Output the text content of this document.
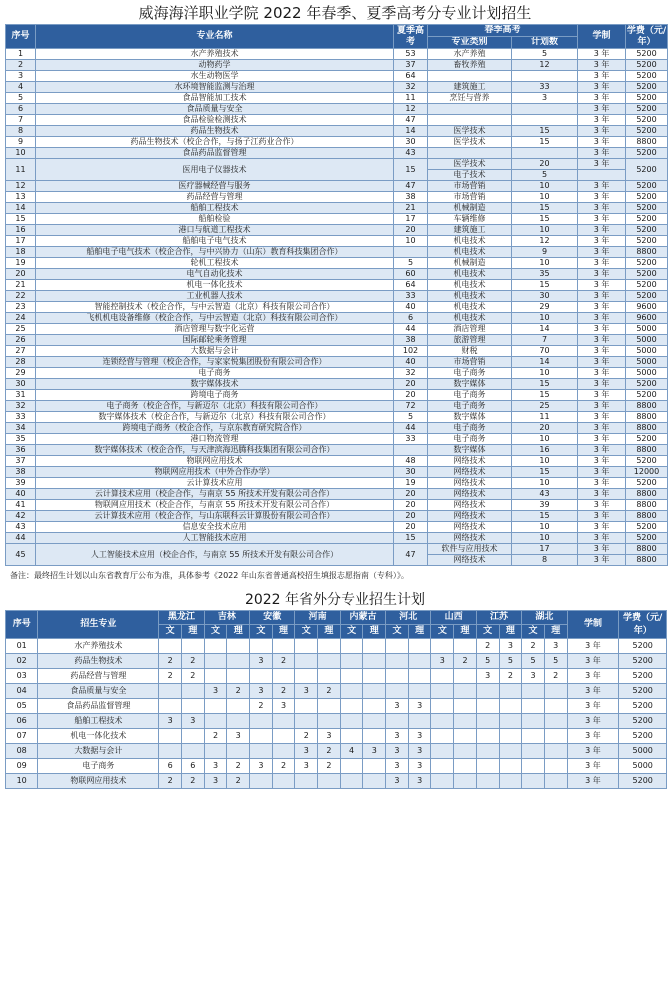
威海海洋职业学院 2022 年春季、夏季高考分专业计划招生
序号	专业名称	夏季高考	春季高考		学制	学费（元/年）
			专业类别	计划数		
1	水产养殖技术	53	水产养殖	5	3 年	5200
2	动物药学	37	畜牧养殖	12	3 年	5200
3	水生动物医学	64			3 年	5200
4	水环境智能监测与治理	32	建筑施工	33	3 年	5200
5	食品智能加工技术	11	烹饪与营养	3	3 年	5200
6	食品质量与安全	12			3 年	5200
7	食品检验检测技术	47			3 年	5200
8	药品生物技术	14	医学技术	15	3 年	5200
9	药品生物技术（校企合作，与扬子江药业合作）	30	医学技术	15	3 年	8800
10	食品药品监督管理	43			3 年	5200
11	医用电子仪器技术	15	医学技术	20	3 年	5200
			电子技术	5		
12	医疗器械经营与服务	47	市场营销	10	3 年	5200
13	药品经营与管理	38	市场营销	10	3 年	5200
14	船舶工程技术	21	机械制造	15	3 年	5200
15	船舶检验	17	车辆维修	15	3 年	5200
16	港口与航道工程技术	20	建筑施工	10	3 年	5200
17	船舶电子电气技术	10	机电技术	12	3 年	5200
18	船舶电子电气技术（校企合作，与中兴协力（山东）教育科技集团合作）		机电技术	9	3 年	8800
19	轮机工程技术	5	机械制造	10	3 年	5200
20	电气自动化技术	60	机电技术	35	3 年	5200
21	机电一体化技术	64	机电技术	15	3 年	5200
22	工业机器人技术	33	机电技术	30	3 年	5200
23	智能控制技术（校企合作，与中云智造（北京）科技有限公司合作）	40	机电技术	29	3 年	9600
24	飞机机电设备维修（校企合作，与中云智造（北京）科技有限公司合作）	6	机电技术	10	3 年	9600
25	酒店管理与数字化运营	44	酒店管理	14	3 年	5000
26	国际邮轮乘务管理	38	旅游管理	7	3 年	5000
27	大数据与会计	102	财税	70	3 年	5000
28	连锁经营与管理（校企合作，与家家悦集团股份有限公司合作）	40	市场营销	14	3 年	5000
29	电子商务	32	电子商务	10	3 年	5000
30	数字媒体技术	20	数字媒体	15	3 年	5200
31	跨境电子商务	20	电子商务	15	3 年	5200
32	电子商务（校企合作，与新迈尔（北京）科技有限公司合作）	72	电子商务	25	3 年	8800
33	数字媒体技术（校企合作，与新迈尔（北京）科技有限公司合作）	5	数字媒体	11	3 年	8800
34	跨境电子商务（校企合作，与京东教育研究院合作）	44	电子商务	20	3 年	8800
35	港口物流管理	33	电子商务	10	3 年	5200
36	数字媒体技术（校企合作，与天津滨海迅腾科技集团有限公司合作）		数字媒体	16	3 年	8800
37	物联网应用技术	48	网络技术	10	3 年	5200
38	物联网应用技术（中外合作办学）	30	网络技术	15	3 年	12000
39	云计算技术应用	19	网络技术	10	3 年	5200
40	云计算技术应用（校企合作，与南京 55 所技术开发有限公司合作）	20	网络技术	43	3 年	8800
41	物联网应用技术（校企合作，与南京 55 所技术开发有限公司合作）	20	网络技术	39	3 年	8800
42	云计算技术应用（校企合作，与山东联科云计算股份有限公司合作）	20	网络技术	15	3 年	8800
43	信息安全技术应用	20	网络技术	10	3 年	5200
44	人工智能技术应用	15	网络技术	10	3 年	5200
45	人工智能技术应用（校企合作，与南京 55 所技术开发有限公司合作）	47	软件与应用技术	17	3 年	8800
			网络技术	8	3 年	8800
备注：最终招生计划以山东省教育厅公布为准，具体参考《2022 年山东省普通高校招生填报志愿指南（专科）》。
2022 年省外分专业招生计划
序号	招生专业	黑龙江		吉林		安徽		河南		内蒙古		河北		山西		江苏		湖北		学制	学费（元/年）
		文	理	文	理	文	理	文	理	文	理	文	理	文	理	文	理	文	理		
01	水产养殖技术															2	3	2	3	3 年	5200
02	药品生物技术	2	2			3	2							3	2	5	5	5	5	3 年	5200
03	药品经营与管理	2	2													3	2	3	2	3 年	5200
04	食品质量与安全			3	2	3	2	3	2											3 年	5200
05	食品药品监督管理					2	3					3	3							3 年	5200
06	船舶工程技术	3	3																	3 年	5200
07	机电一体化技术			2	3			2	3			3	3							3 年	5200
08	大数据与会计							3	2	4	3	3	3							3 年	5000
09	电子商务	6	6	3	2	3	2	3	2			3	3							3 年	5000
10	物联网应用技术	2	2	3	2							3	3							3 年	5200
